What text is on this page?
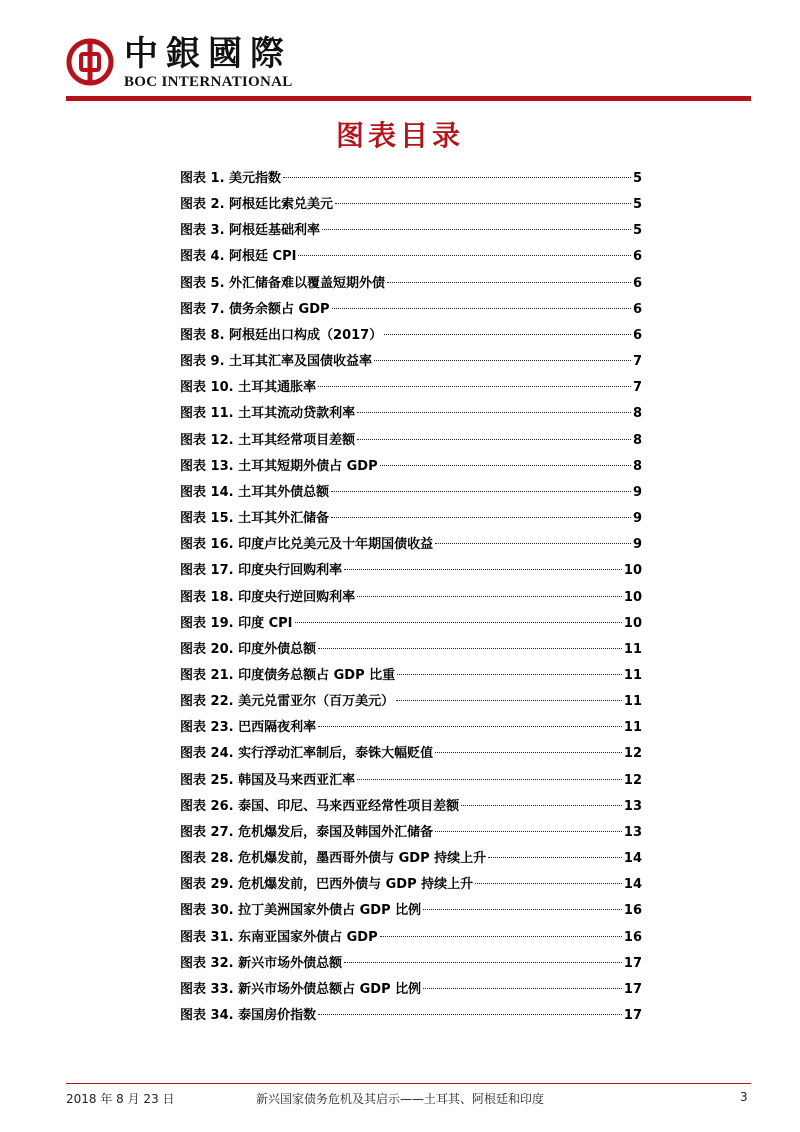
中銀國際
BOC INTERNATIONAL
图表目录
图表 1. 美元指数	5
图表 2. 阿根廷比索兑美元	5
图表 3. 阿根廷基础利率	5
图表 4. 阿根廷 CPI	6
图表 5. 外汇储备难以覆盖短期外债	6
图表 7. 债务余额占 GDP	6
图表 8. 阿根廷出口构成（2017）	6
图表 9. 土耳其汇率及国债收益率	7
图表 10. 土耳其通胀率	7
图表 11. 土耳其流动贷款利率	8
图表 12. 土耳其经常项目差额	8
图表 13. 土耳其短期外债占 GDP	8
图表 14. 土耳其外债总额	9
图表 15. 土耳其外汇储备	9
图表 16. 印度卢比兑美元及十年期国债收益	9
图表 17. 印度央行回购利率	10
图表 18. 印度央行逆回购利率	10
图表 19. 印度 CPI	10
图表 20. 印度外债总额	11
图表 21. 印度债务总额占 GDP 比重	11
图表 22. 美元兑雷亚尔（百万美元）	11
图表 23. 巴西隔夜利率	11
图表 24. 实行浮动汇率制后，泰铢大幅贬值	12
图表 25. 韩国及马来西亚汇率	12
图表 26. 泰国、印尼、马来西亚经常性项目差额	13
图表 27. 危机爆发后，泰国及韩国外汇储备	13
图表 28. 危机爆发前，墨西哥外债与 GDP 持续上升	14
图表 29. 危机爆发前，巴西外债与 GDP 持续上升	14
图表 30. 拉丁美洲国家外债占 GDP 比例	16
图表 31. 东南亚国家外债占 GDP	16
图表 32. 新兴市场外债总额	17
图表 33. 新兴市场外债总额占 GDP 比例	17
图表 34. 泰国房价指数	17
2018 年 8 月 23 日	新兴国家债务危机及其启示——土耳其、阿根廷和印度	3
